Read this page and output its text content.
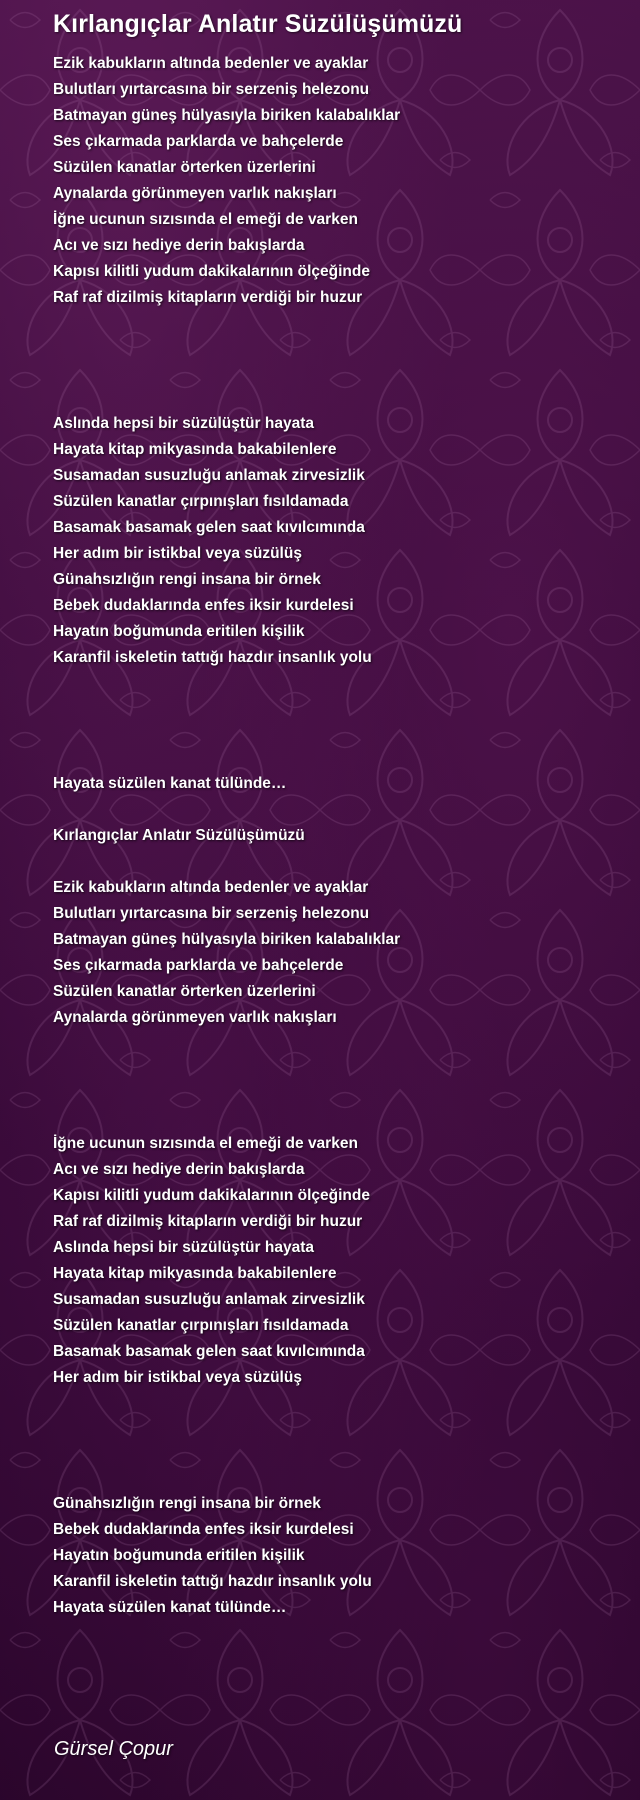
Kırlangıçlar Anlatır Süzülüşümüzü
Ezik kabukların altında bedenler ve ayaklar
Bulutları yırtarcasına bir serzeniş helezonu
Batmayan güneş hülyasıyla biriken kalabalıklar
Ses çıkarmada parklarda ve bahçelerde
Süzülen kanatlar örterken üzerlerini
Aynalarda görünmeyen varlık nakışları
İğne ucunun sızısında el emeği de varken
Acı ve sızı hediye derin bakışlarda
Kapısı kilitli yudum dakikalarının ölçeğinde
Raf raf dizilmiş kitapların verdiği bir huzur
Aslında hepsi bir süzülüştür hayata
Hayata kitap mikyasında bakabilenlere
Susamadan susuzluğu anlamak zirvesizlik
Süzülen kanatlar çırpınışları fısıldamada
Basamak basamak gelen saat kıvılcımında
Her adım bir istikbal veya süzülüş
Günahsızlığın rengi insana bir örnek
Bebek dudaklarında enfes iksir kurdelesi
Hayatın boğumunda eritilen kişilik
Karanfil iskeletin tattığı hazdır insanlık yolu
Hayata süzülen kanat tülünde…
Kırlangıçlar Anlatır Süzülüşümüzü
Ezik kabukların altında bedenler ve ayaklar
Bulutları yırtarcasına bir serzeniş helezonu
Batmayan güneş hülyasıyla biriken kalabalıklar
Ses çıkarmada parklarda ve bahçelerde
Süzülen kanatlar örterken üzerlerini
Aynalarda görünmeyen varlık nakışları
İğne ucunun sızısında el emeği de varken
Acı ve sızı hediye derin bakışlarda
Kapısı kilitli yudum dakikalarının ölçeğinde
Raf raf dizilmiş kitapların verdiği bir huzur
Aslında hepsi bir süzülüştür hayata
Hayata kitap mikyasında bakabilenlere
Susamadan susuzluğu anlamak zirvesizlik
Süzülen kanatlar çırpınışları fısıldamada
Basamak basamak gelen saat kıvılcımında
Her adım bir istikbal veya süzülüş
Günahsızlığın rengi insana bir örnek
Bebek dudaklarında enfes iksir kurdelesi
Hayatın boğumunda eritilen kişilik
Karanfil iskeletin tattığı hazdır insanlık yolu
Hayata süzülen kanat tülünde…
Gürsel Çopur
